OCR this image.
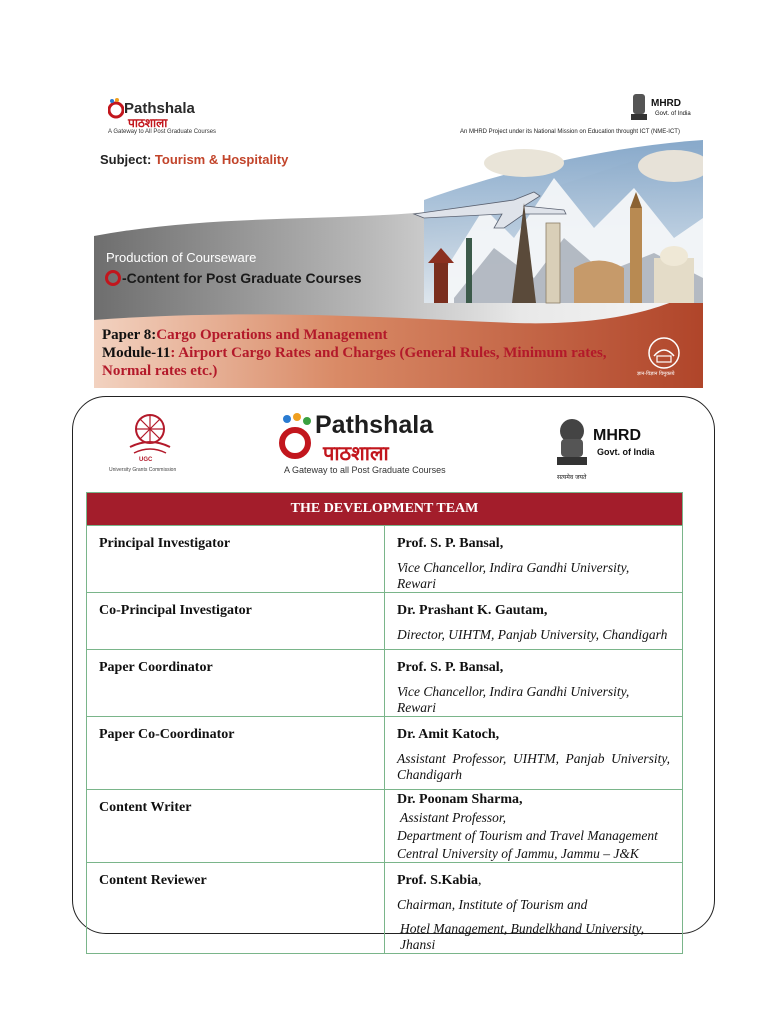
Pathshala
पाठशाला
A Gateway to All Post Graduate Courses
MHRD
Govt. of India
An MHRD Project under its National Mission on Education throught ICT (NME-ICT)
Subject: Tourism & Hospitality
Production of Courseware
-Content for Post Graduate Courses
Paper 8:Cargo Operations and Management
Module-11: Airport Cargo Rates and Charges (General Rules, Minimum rates,
Normal rates etc.)	ज्ञान-विज्ञान विमुक्तये
UGC
University Grants Commission
Pathshala
पाठशाला
A Gateway to all Post Graduate Courses
MHRD
Govt. of India
सत्यमेव जयते
THE DEVELOPMENT TEAM	
Principal Investigator	Prof. S. P. Bansal,
Vice Chancellor, Indira Gandhi University, Rewari

Co-Principal Investigator	Dr. Prashant K. Gautam,
Director, UIHTM, Panjab University, Chandigarh

Paper Coordinator	Prof. S. P. Bansal,
Vice Chancellor, Indira Gandhi University, Rewari

Paper Co-Coordinator	Dr. Amit Katoch,
Assistant Professor, UIHTM, Panjab University, Chandigarh

Content Writer	Dr. Poonam Sharma,
Assistant Professor,
Department of Tourism and Travel Management
Central University of Jammu, Jammu – J&K

Content Reviewer	Prof. S.Kabia,
Chairman, Institute of Tourism and
Hotel Management, Bundelkhand University, Jhansi
